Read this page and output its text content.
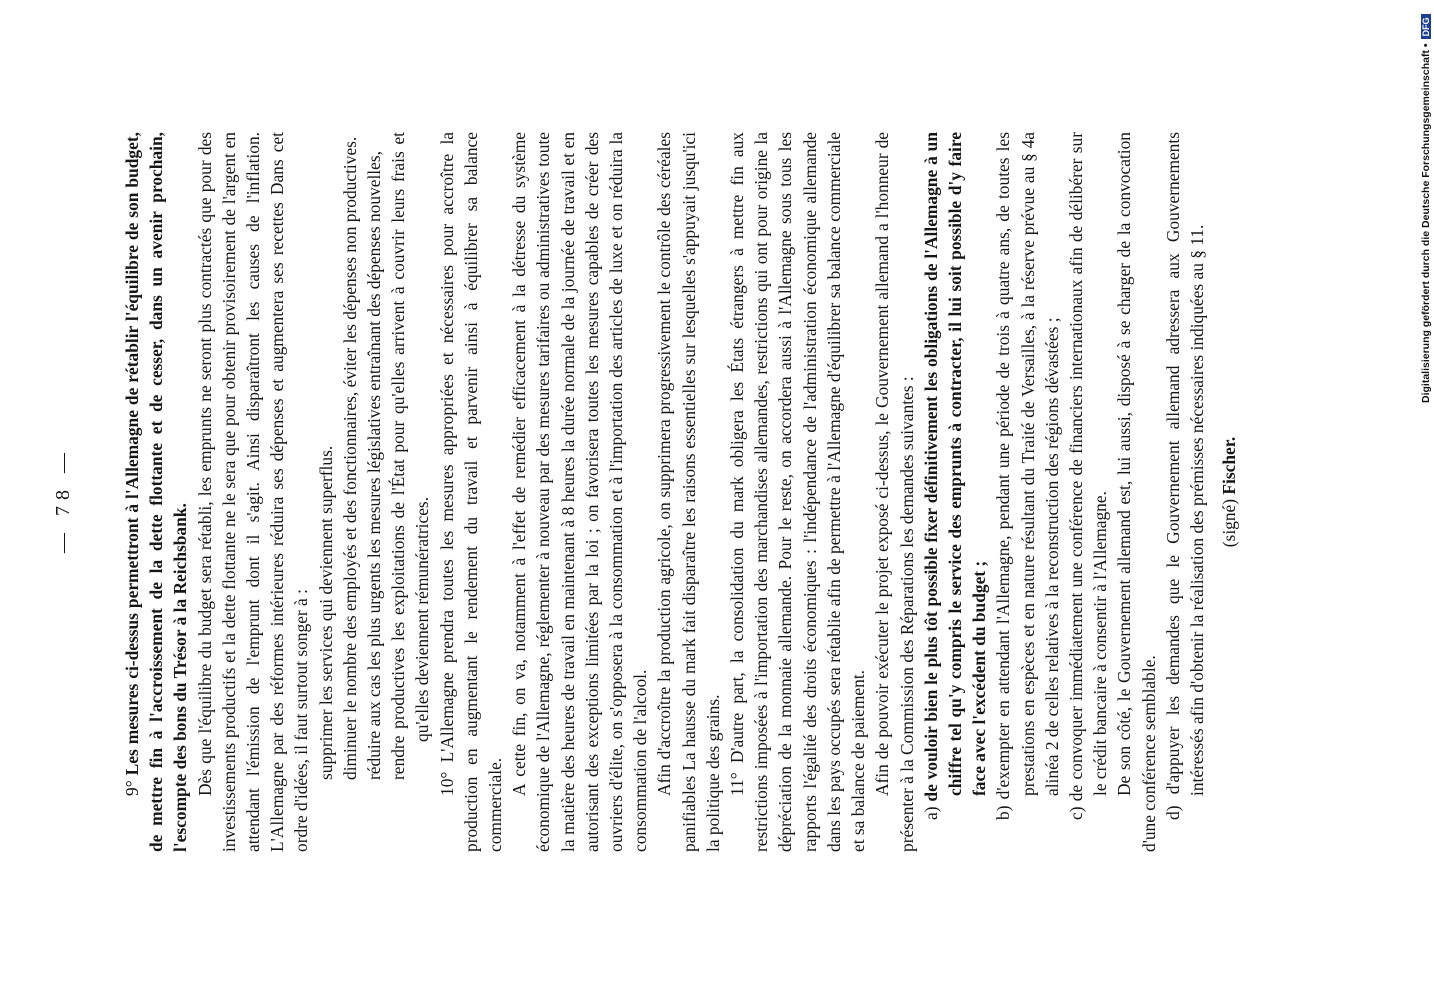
— 78 —

9° Les mesures ci-dessus permettront à l'Allemagne de rétablir l'équilibre de son budget, de mettre fin à l'accroissement de la dette flottante et de cesser, dans un avenir prochain, l'escompte des bons du Trésor à la Reichsbank. Dès que l'équilibre du budget sera rétabli, les emprunts ne seront plus contractés que pour des investissements productifs et la dette flottante ne le sera que pour obtenir provisoirement de l'argent en attendant l'émission de l'emprunt dont il s'agit. Ainsi disparaîtront les causes de l'inflation. L'Allemagne par des réformes intérieures réduira ses dépenses et augmentera ses recettes Dans cet ordre d'idées, il faut surtout songer à : supprimer les services qui deviennent superflus. diminuer le nombre des employés et des fonctionnaires, éviter les dépenses non productives. réduire aux cas les plus urgents les mesures législatives entraînant des dépenses nouvelles, rendre productives les exploitations de l'État pour qu'elles arrivent à couvrir leurs frais et qu'elles deviennent rémunératrices. 10° L'Allemagne prendra toutes les mesures appropriées et nécessaires pour accroître la production en augmentant le rendement du travail et parvenir ainsi à équilibrer sa balance commerciale.

A cette fin, on va, notamment à l'effet de remédier efficacement à la détresse du système économique de l'Allemagne, réglementer à nouveau par des mesures tarifaires ou administratives toute la matière des heures de travail en maintenant à 8 heures la durée normale de la journée de travail et en autorisant des exceptions limitées par la loi ; on favorisera toutes les mesures capables de créer des ouvriers d'élite, on s'opposera à la consommation et à l'importation des articles de luxe et on réduira la consommation de l'alcool. Afin d'accroître la production agricole, on supprimera progressivement le contrôle des céréales panifiables La hausse du mark fait disparaître les raisons essentielles sur lesquelles s'appuyait jusqu'ici la politique des grains. 11° D'autre part, la consolidation du mark obligera les États étrangers à mettre fin aux restrictions imposées à l'importation des marchandises allemandes, restrictions qui ont pour origine la dépréciation de la monnaie allemande. Pour le reste, on accordera aussi à l'Allemagne sous tous les rapports l'égalité des droits économiques : l'indépendance de l'administration économique allemande dans les pays occupés sera rétablie afin de permettre à l'Allemagne d'équilibrer sa balance commerciale et sa balance de paiement. Afin de pouvoir exécuter le projet exposé ci-dessus, le Gouvernement allemand a l'honneur de présenter à la Commission des Réparations les demandes suivantes : a) de vouloir bien le plus tôt possible fixer définitivement les obligations de l'Allemagne à un chiffre tel qu'y compris le service des emprunts à contracter, il lui soit possible d'y faire face avec l'excédent du budget ;

b) d'exempter en attendant l'Allemagne, pendant une période de trois à quatre ans, de toutes les prestations en espèces et en nature résultant du Traité de Versailles, à la réserve prévue au § 4a alinéa 2 de celles relatives à la reconstruction des régions dévastées ;

c) de convoquer immédiatement une conférence de financiers internationaux afin de délibérer sur le crédit bancaire à consentir à l'Allemagne. De son côté, le Gouvernement allemand est, lui aussi, disposé à se charger de la convocation d'une conférence semblable. d) d'appuyer les demandes que le Gouvernement allemand adressera aux Gouvernements intéressés afin d'obtenir la réalisation des prémisses nécessaires indiquées au § 11. (signé) Fischer.

Digitalisierung gefördert durch die Deutsche Forschungsgemeinschaft •DFG
